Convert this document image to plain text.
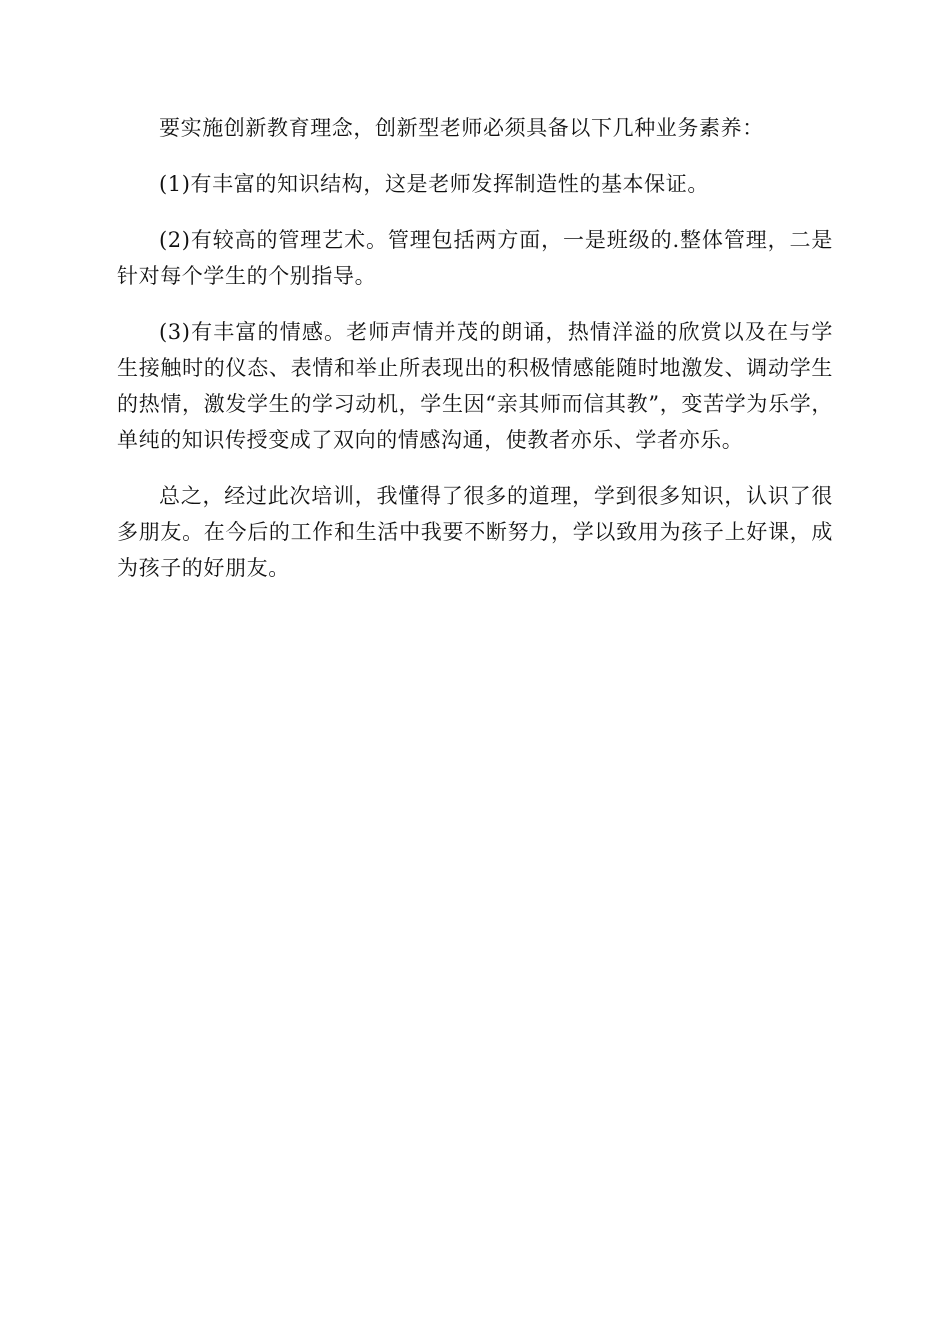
要实施创新教育理念，创新型老师必须具备以下几种业务素养：

(1)有丰富的知识结构，这是老师发挥制造性的基本保证。

(2)有较高的管理艺术。管理包括两方面，一是班级的.整体管理，二是针对每个学生的个别指导。

(3)有丰富的情感。老师声情并茂的朗诵，热情洋溢的欣赏以及在与学生接触时的仪态、表情和举止所表现出的积极情感能随时地激发、调动学生的热情，激发学生的学习动机，学生因“亲其师而信其教”，变苦学为乐学，单纯的知识传授变成了双向的情感沟通，使教者亦乐、学者亦乐。

总之，经过此次培训，我懂得了很多的道理，学到很多知识，认识了很多朋友。在今后的工作和生活中我要不断努力，学以致用为孩子上好课，成为孩子的好朋友。
